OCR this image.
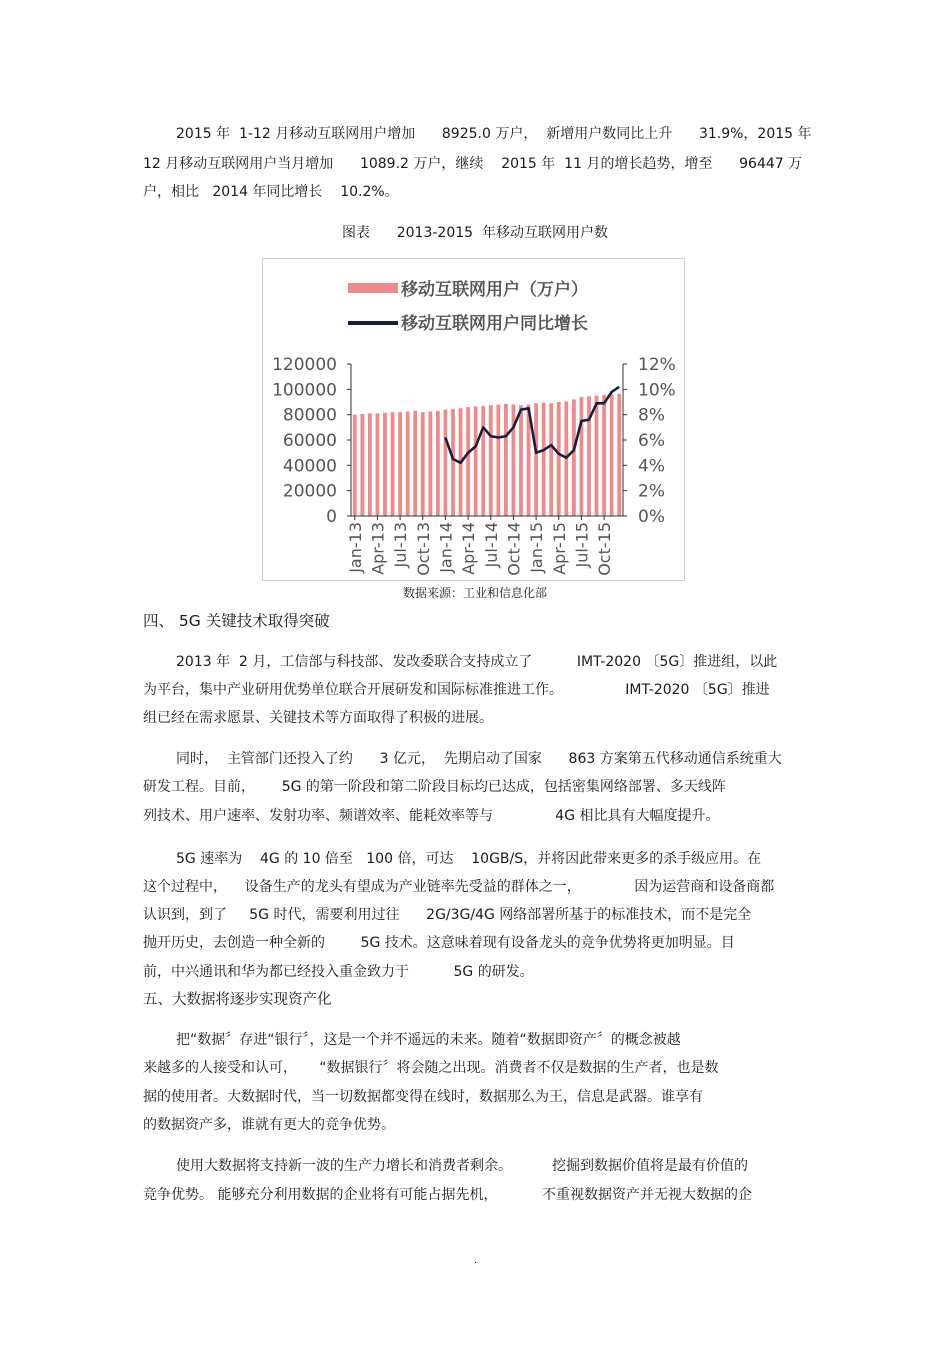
2015 年  1-12 月移动互联网用户增加      8925.0 万户，  新增用户数同比上升      31.9%，2015 年
12 月移动互联网用户当月增加      1089.2 万户，继续    2015 年  11 月的增长趋势，增至      96447 万
户，相比   2014 年同比增长    10.2%。
图表      2013-2015  年移动互联网用户数
移动互联网用户（万户）
移动互联网用户同比增长
0
20000
40000
60000
80000
100000
120000
0%
2%
4%
6%
8%
10%
12%
Jan-13 Apr-13 Jul-13 Oct-13 Jan-14 Apr-14 Jul-14 Oct-14 Jan-15 Apr-15 Jul-15 Oct-15
数据来源：工业和信息化部
四、 5G 关键技术取得突破
2013 年  2 月，工信部与科技部、发改委联合支持成立了          IMT-2020 〔5G〕推进组，以此
为平台，集中产业研用优势单位联合开展研发和国际标准推进工作。              IMT-2020 〔5G〕推进
组已经在需求愿景、关键技术等方面取得了积极的进展。
同时，  主管部门还投入了约      3 亿元，  先期启动了国家      863 方案第五代移动通信系统重大
研发工程。目前，      5G 的第一阶段和第二阶段目标均已达成，包括密集网络部署、多天线阵
列技术、用户速率、发射功率、频谱效率、能耗效率等与              4G 相比具有大幅度提升。
5G 速率为    4G 的 10 倍至   100 倍，可达    10GB/S，并将因此带来更多的杀手级应用。在
这个过程中，    设备生产的龙头有望成为产业链率先受益的群体之一，            因为运营商和设备商都
认识到，到了     5G 时代，需要利用过往      2G/3G/4G 网络部署所基于的标准技术，而不是完全
抛开历史，去创造一种全新的        5G 技术。这意味着现有设备龙头的竞争优势将更加明显。目
前，中兴通讯和华为都已经投入重金致力于          5G 的研发。
五、大数据将逐步实现资产化
把“数据〞存进“银行〞，这是一个并不遥远的未来。随着“数据即资产〞的概念被越
来越多的人接受和认可，     “数据银行〞将会随之出现。消费者不仅是数据的生产者，也是数
据的使用者。大数据时代，当一切数据都变得在线时，数据那么为王，信息是武器。谁享有
的数据资产多，谁就有更大的竞争优势。
使用大数据将支持新一波的生产力增长和消费者剩余。         挖掘到数据价值将是最有价值的
竞争优势。 能够充分利用数据的企业将有可能占据先机，          不重视数据资产并无视大数据的企
.
